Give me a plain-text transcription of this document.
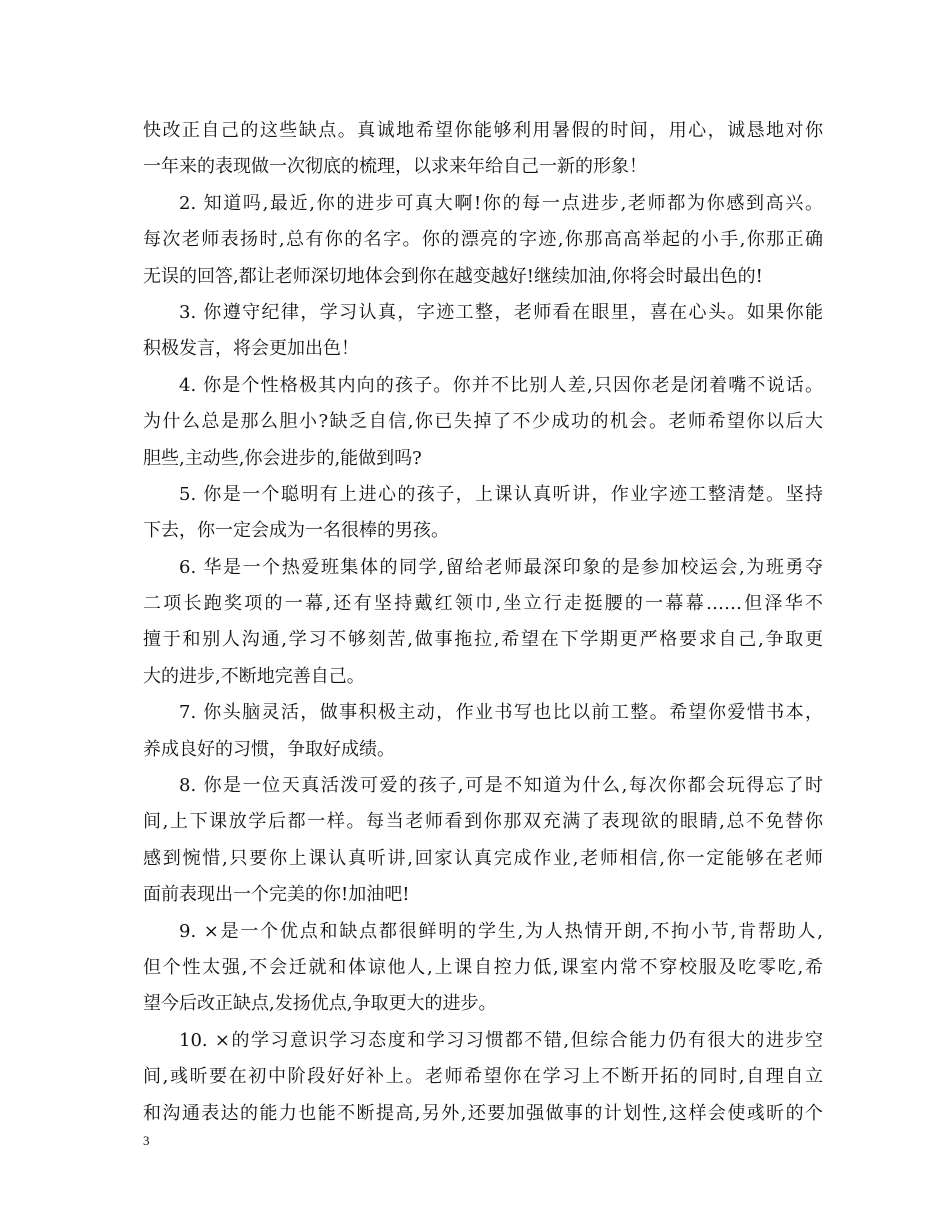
快改正自己的这些缺点。真诚地希望你能够利用暑假的时间，用心，诚恳地对你
一年来的表现做一次彻底的梳理，以求来年给自己一新的形象！
2. 知道吗,最近,你的进步可真大啊!你的每一点进步,老师都为你感到高兴。
每次老师表扬时,总有你的名字。你的漂亮的字迹,你那高高举起的小手,你那正确
无误的回答,都让老师深切地体会到你在越变越好!继续加油,你将会时最出色的!
3. 你遵守纪律，学习认真，字迹工整，老师看在眼里，喜在心头。如果你能
积极发言，将会更加出色！
4. 你是个性格极其内向的孩子。你并不比别人差,只因你老是闭着嘴不说话。
为什么总是那么胆小?缺乏自信,你已失掉了不少成功的机会。老师希望你以后大
胆些,主动些,你会进步的,能做到吗?
5. 你是一个聪明有上进心的孩子，上课认真听讲，作业字迹工整清楚。坚持
下去，你一定会成为一名很棒的男孩。
6. 华是一个热爱班集体的同学,留给老师最深印象的是参加校运会,为班勇夺
二项长跑奖项的一幕,还有坚持戴红领巾,坐立行走挺腰的一幕幕……但泽华不
擅于和别人沟通,学习不够刻苦,做事拖拉,希望在下学期更严格要求自己,争取更
大的进步,不断地完善自己。
7. 你头脑灵活，做事积极主动，作业书写也比以前工整。希望你爱惜书本，
养成良好的习惯，争取好成绩。
8. 你是一位天真活泼可爱的孩子,可是不知道为什么,每次你都会玩得忘了时
间,上下课放学后都一样。每当老师看到你那双充满了表现欲的眼睛,总不免替你
感到惋惜,只要你上课认真听讲,回家认真完成作业,老师相信,你一定能够在老师
面前表现出一个完美的你!加油吧!
9. ×是一个优点和缺点都很鲜明的学生,为人热情开朗,不拘小节,肯帮助人,
但个性太强,不会迁就和体谅他人,上课自控力低,课室内常不穿校服及吃零吃,希
望今后改正缺点,发扬优点,争取更大的进步。
10. ×的学习意识学习态度和学习习惯都不错,但综合能力仍有很大的进步空
间,彧昕要在初中阶段好好补上。老师希望你在学习上不断开拓的同时,自理自立
和沟通表达的能力也能不断提高,另外,还要加强做事的计划性,这样会使彧昕的个
3
